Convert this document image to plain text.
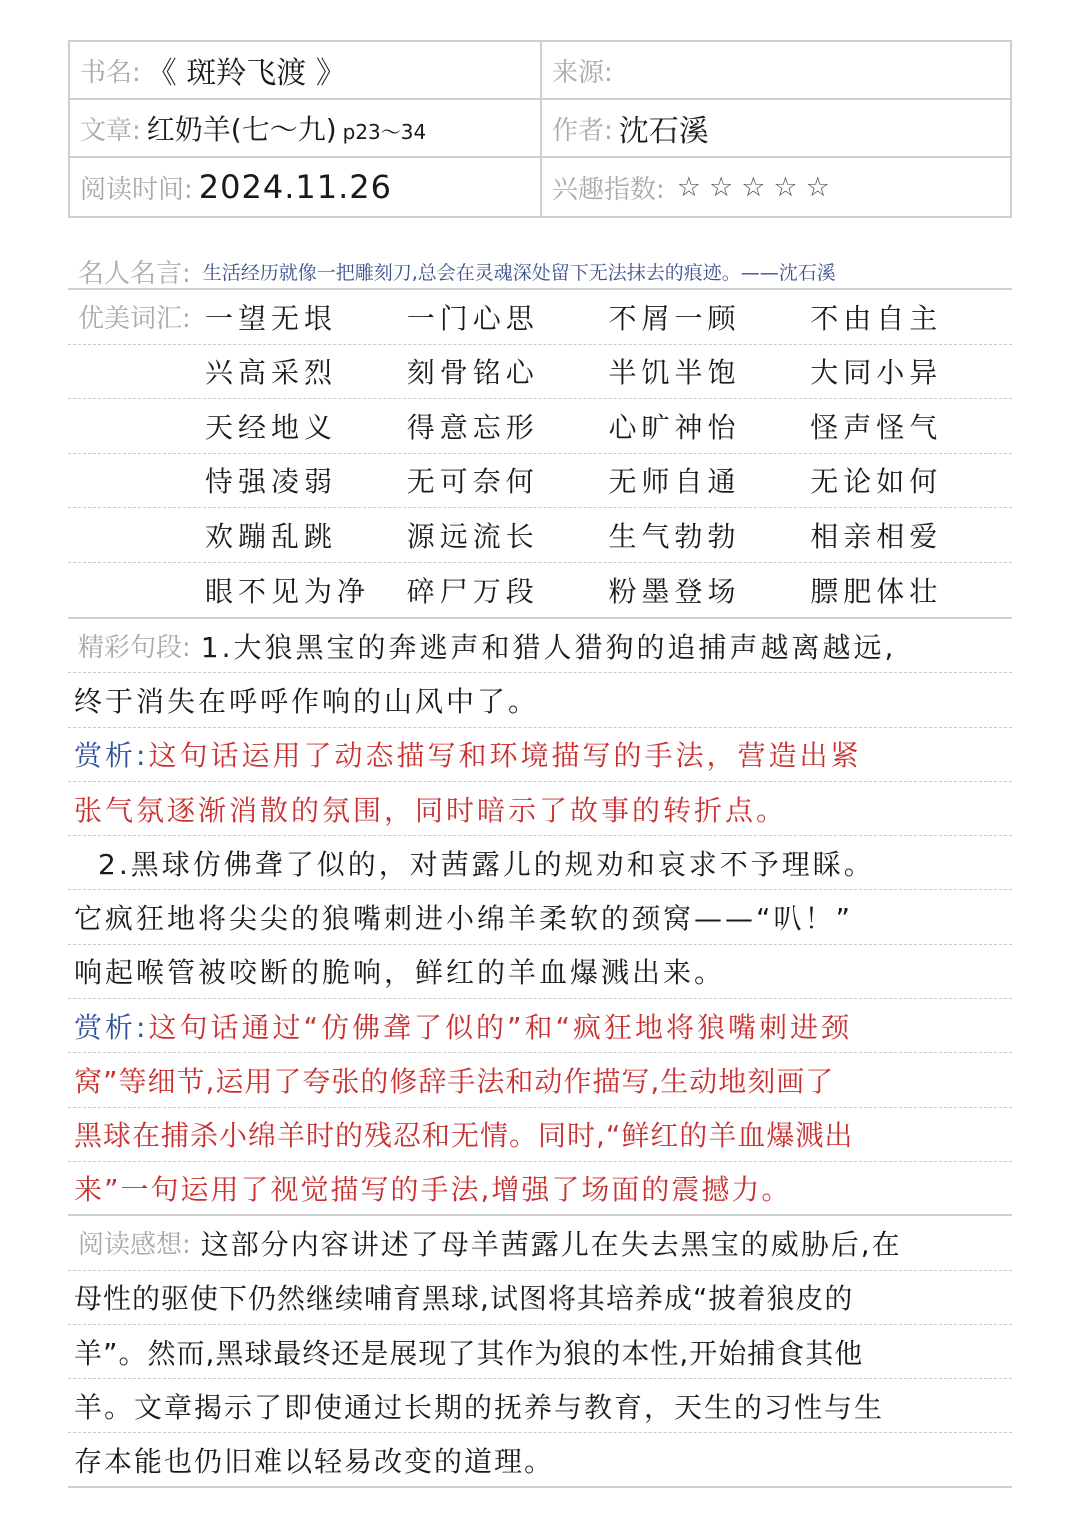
书名: 《 斑羚飞渡 》	来源:
文章: 红奶羊(七～九) p23～34	作者: 沈石溪
阅读时间: 2024.11.26	兴趣指数: ☆ ☆ ☆ ☆ ☆
名人名言: 生活经历就像一把雕刻刀,总会在灵魂深处留下无法抹去的痕迹。——沈石溪
优美词汇: 一望无垠	一门心思	不屑一顾	不由自主
兴高采烈	刻骨铭心	半饥半饱	大同小异
天经地义	得意忘形	心旷神怡	怪声怪气
恃强凌弱	无可奈何	无师自通	无论如何
欢蹦乱跳	源远流长	生气勃勃	相亲相爱
眼不见为净	碎尸万段	粉墨登场	膘肥体壮
精彩句段: 1.大狼黑宝的奔逃声和猎人猎狗的追捕声越离越远,
终于消失在呼呼作响的山风中了。
赏析: 这句话运用了动态描写和环境描写的手法，营造出紧
张气氛逐渐消散的氛围，同时暗示了故事的转折点。
2.黑球仿佛聋了似的，对茜露儿的规劝和哀求不予理睬。
它疯狂地将尖尖的狼嘴刺进小绵羊柔软的颈窝——“叭！”
响起喉管被咬断的脆响，鲜红的羊血爆溅出来。
赏析: 这句话通过“仿佛聋了似的”和“疯狂地将狼嘴刺进颈
窝”等细节,运用了夸张的修辞手法和动作描写,生动地刻画了
黑球在捕杀小绵羊时的残忍和无情。同时,“鲜红的羊血爆溅出
来”一句运用了视觉描写的手法,增强了场面的震撼力。
阅读感想: 这部分内容讲述了母羊茜露儿在失去黑宝的威胁后,在
母性的驱使下仍然继续哺育黑球,试图将其培养成“披着狼皮的
羊”。然而,黑球最终还是展现了其作为狼的本性,开始捕食其他
羊。文章揭示了即使通过长期的抚养与教育，天生的习性与生
存本能也仍旧难以轻易改变的道理。
